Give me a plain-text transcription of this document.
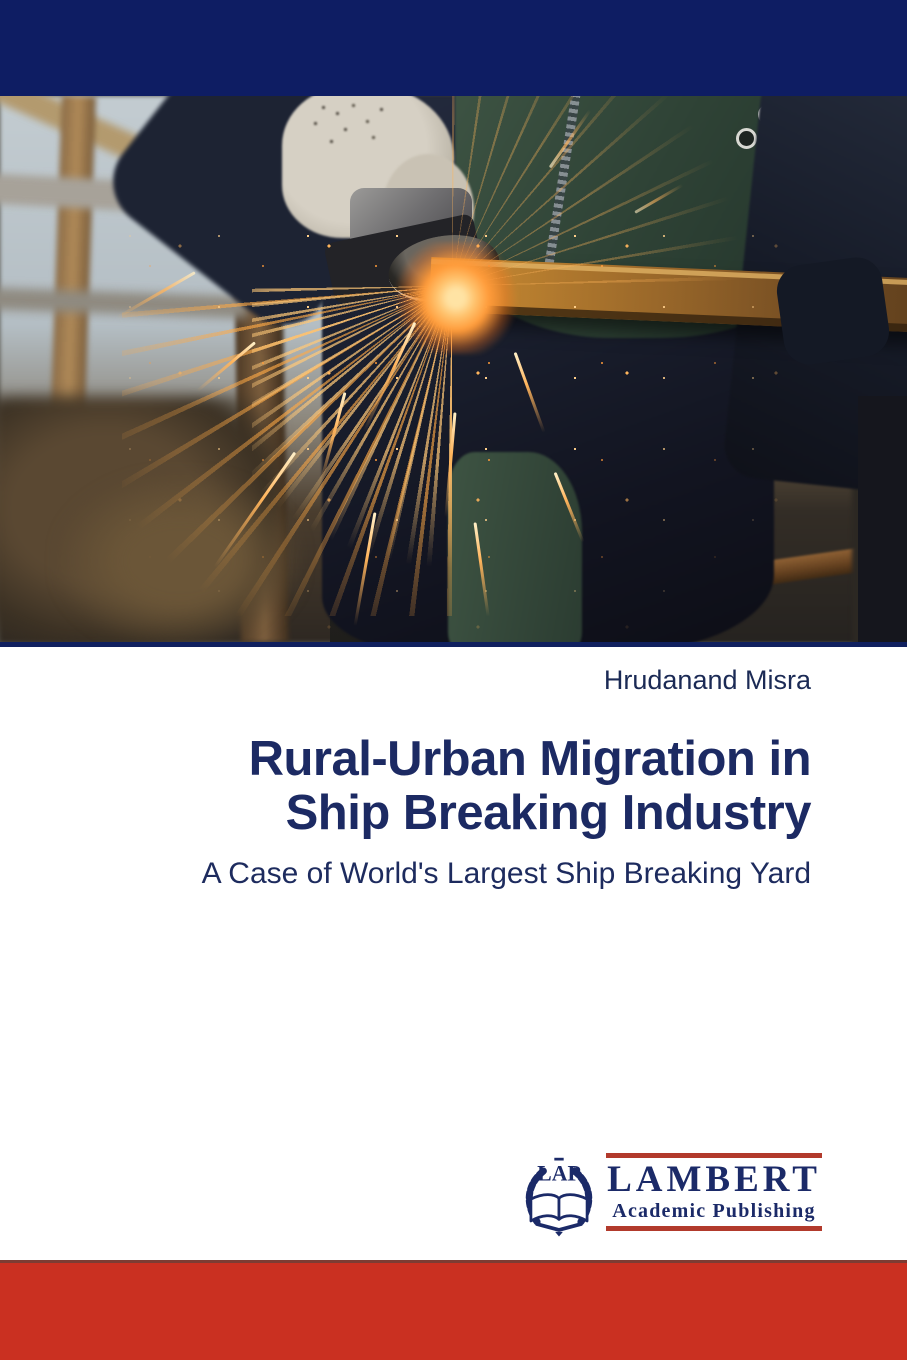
Hrudanand Misra
Rural-Urban Migration in
Ship Breaking Industry
A Case of World's Largest Ship Breaking Yard
LAP LAMBERT
Academic Publishing
